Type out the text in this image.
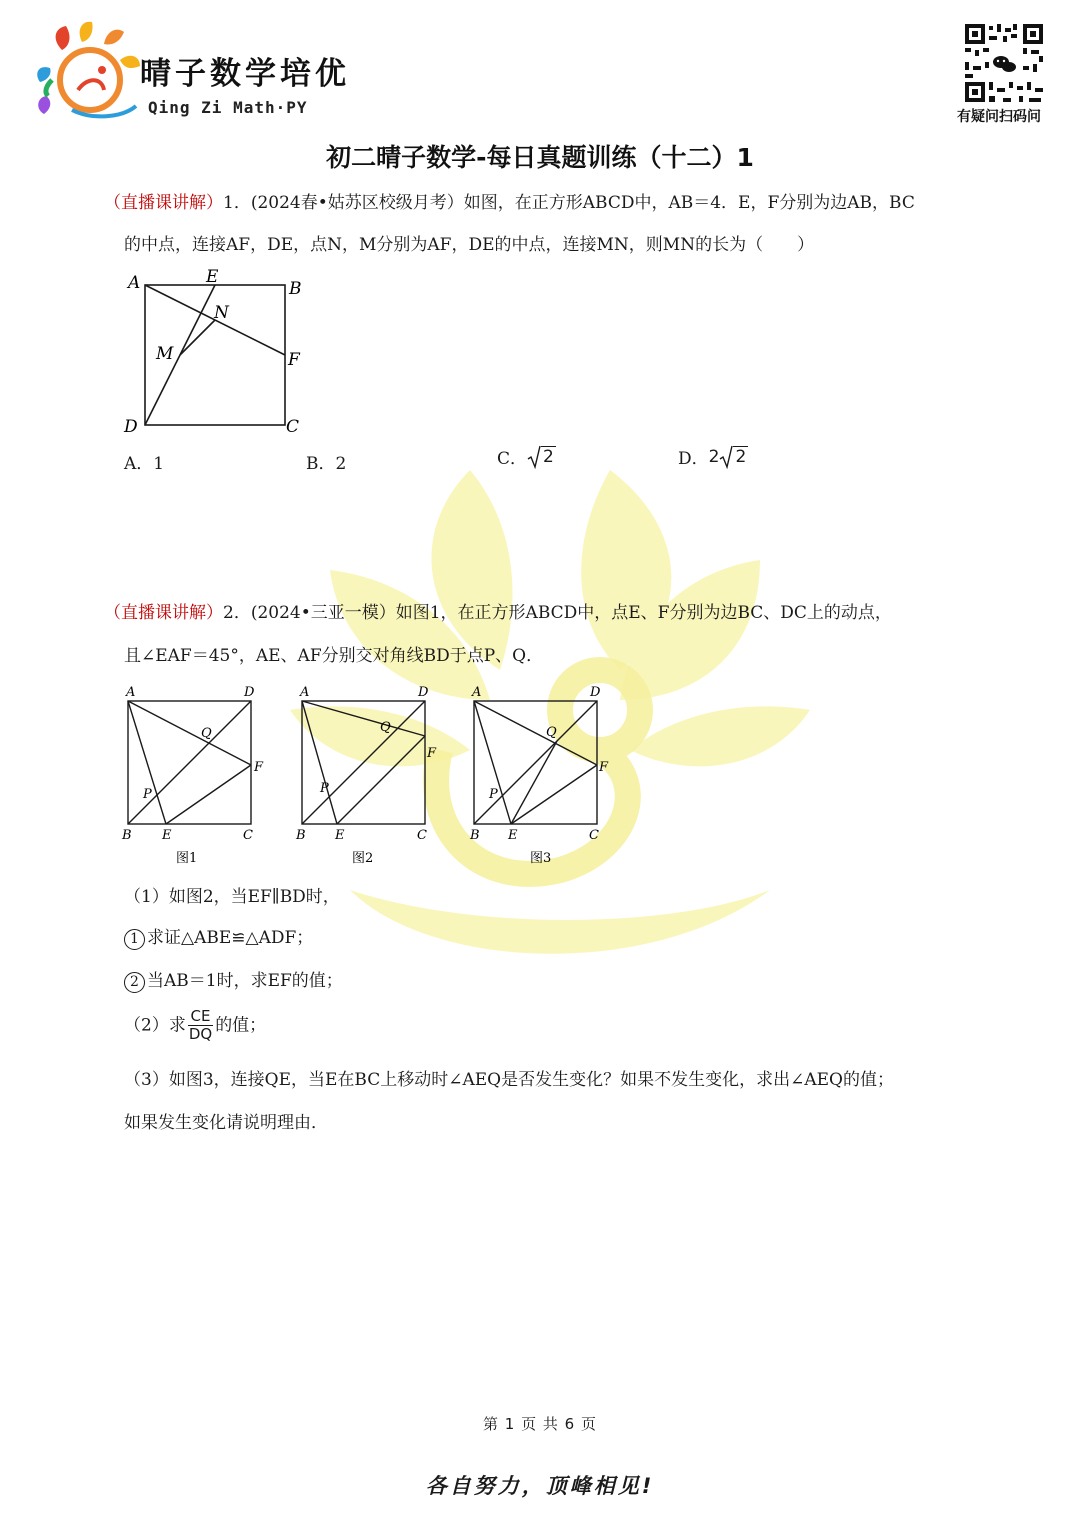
晴子数学培优
Qing Zi Math·PY	有疑问扫码问
初二晴子数学-每日真题训练（十二）1
（直播课讲解）1．(2024春•姑苏区校级月考）如图，在正方形ABCD中，AB＝4．E，F分别为边AB，BC
的中点，连接AF，DE，点N，M分别为AF，DE的中点，连接MN，则MN的长为（　　）
A	E
B
N
M	F
D	C
A．1	B．2	C． 2	D．2 2
（直播课讲解）2．(2024•三亚一模）如图1，在正方形ABCD中，点E、F分别为边BC、DC上的动点，
且∠EAF＝45°，AE、AF分别交对角线BD于点P、Q．
A	D
Q
F
P
B E	C
图1
A	D
Q
F
P
B E	C
图2
A	D
Q
F
P
B E	C
图3
（1）如图2，当EF∥BD时，
1 求证△ABE≌△ADF；
2 当AB＝1时，求EF的值；
（2）求 $\frac{CE}{DQ}$ 的值；
（3）如图3，连接QE，当E在BC上移动时∠AEQ是否发生变化？如果不发生变化，求出∠AEQ的值；
如果发生变化请说明理由．
第 1 页 共 6 页
各自努力，顶峰相见!
